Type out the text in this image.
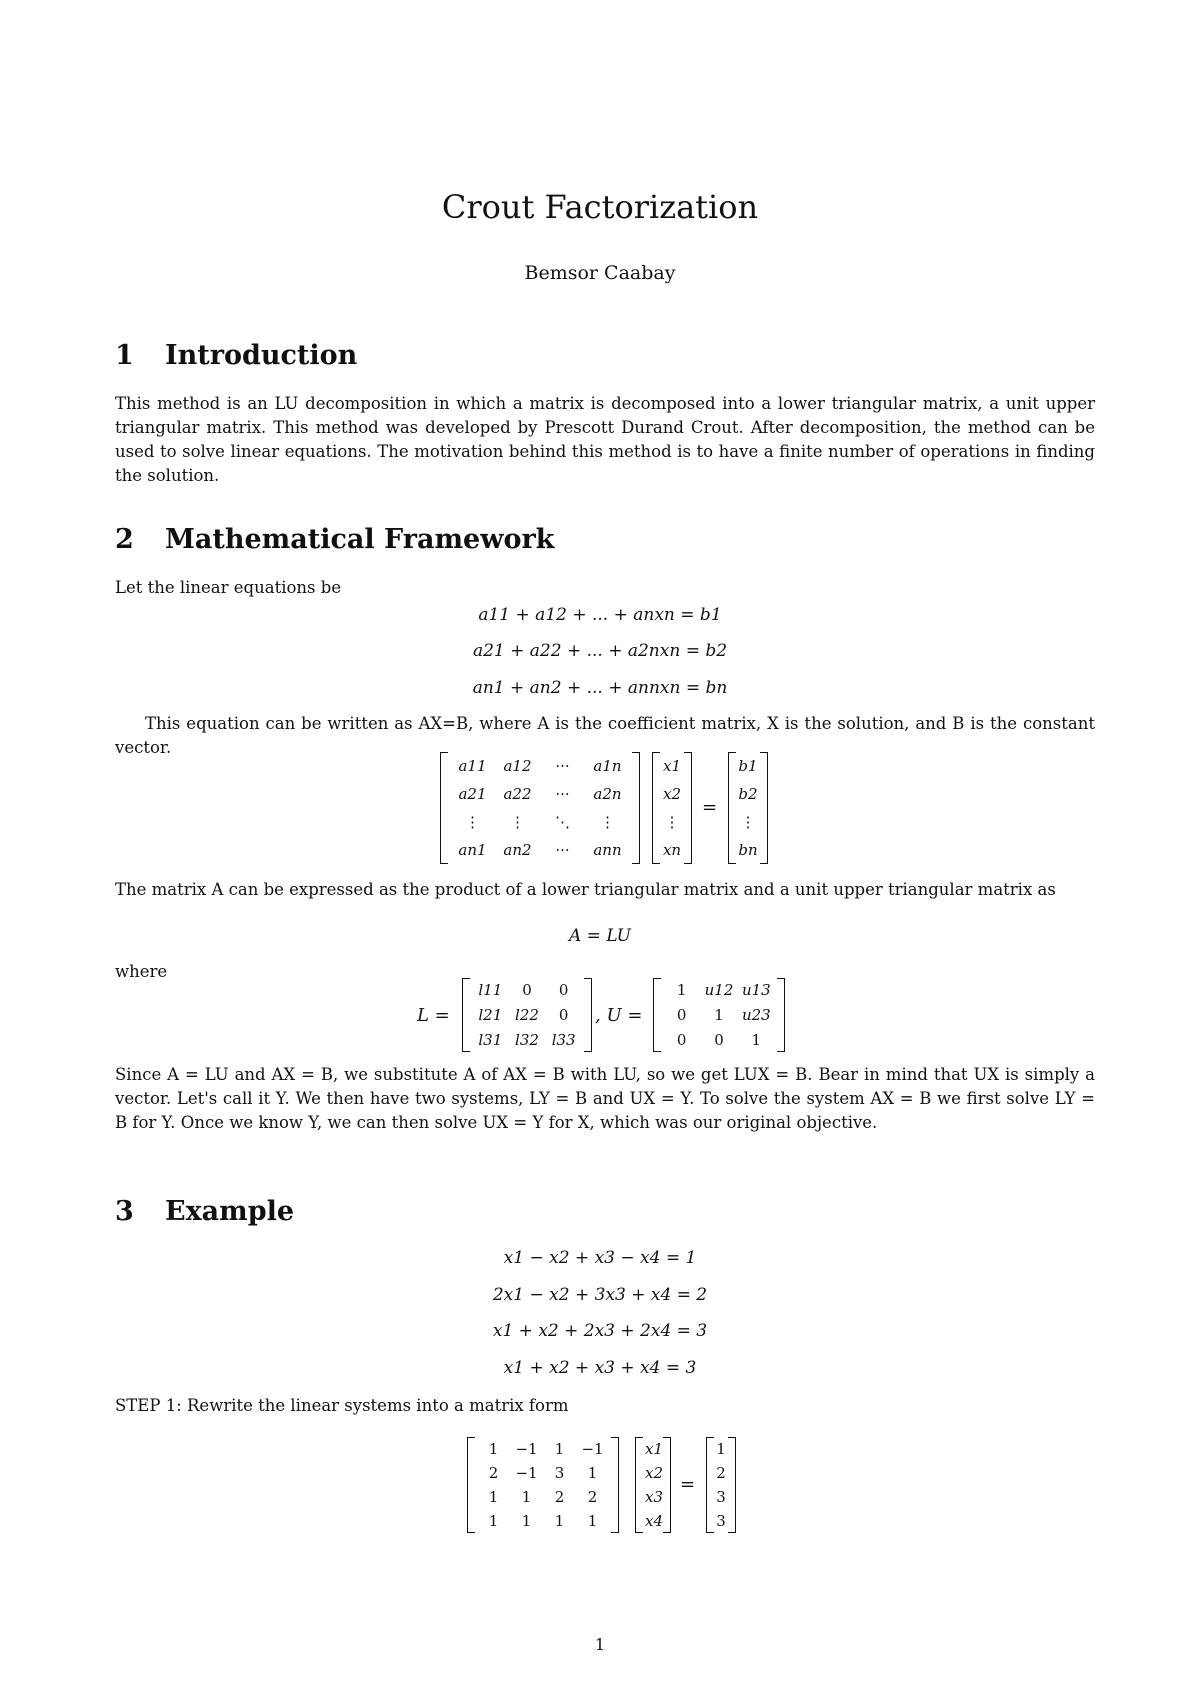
Crout Factorization
Bemsor Caabay
1 Introduction
This method is an LU decomposition in which a matrix is decomposed into a lower triangular matrix, a unit upper triangular matrix. This method was developed by Prescott Durand Crout. After decomposition, the method can be used to solve linear equations. The motivation behind this method is to have a finite number of operations in finding the solution.
2 Mathematical Framework
Let the linear equations be
a11 + a12 + ... + anxn = b1
a21 + a22 + ... + a2nxn = b2
an1 + an2 + ... + annxn = bn
This equation can be written as AX=B, where A is the coefficient matrix, X is the solution, and B is the constant vector.
a11	a12	···	a1n
a21	a22	···	a2n
⋮	⋮	⋱	⋮
an1	an2	···	ann
x1
x2
⋮
xn
=
b1
b2
⋮
bn
The matrix A can be expressed as the product of a lower triangular matrix and a unit upper triangular matrix as
A = LU
where
L =
l11	0	0
l21 l22	0
l31 l32 l33
, U =
1	u12 u13
0	1	u23
0	0	1
Since A = LU and AX = B, we substitute A of AX = B with LU, so we get LUX = B. Bear in mind that UX is simply a vector. Let's call it Y. We then have two systems, LY = B and UX = Y. To solve the system AX = B we first solve LY = B for Y. Once we know Y, we can then solve UX = Y for X, which was our original objective.
3 Example
x1 − x2 + x3 − x4 = 1
2x1 − x2 + 3x3 + x4 = 2
x1 + x2 + 2x3 + 2x4 = 3
x1 + x2 + x3 + x4 = 3
STEP 1: Rewrite the linear systems into a matrix form
1	−1	1	−1
2	−1	3	1
1	1	2	2
1	1	1	1
x1
x2
x3
x4
=
1
2
3
3
1
